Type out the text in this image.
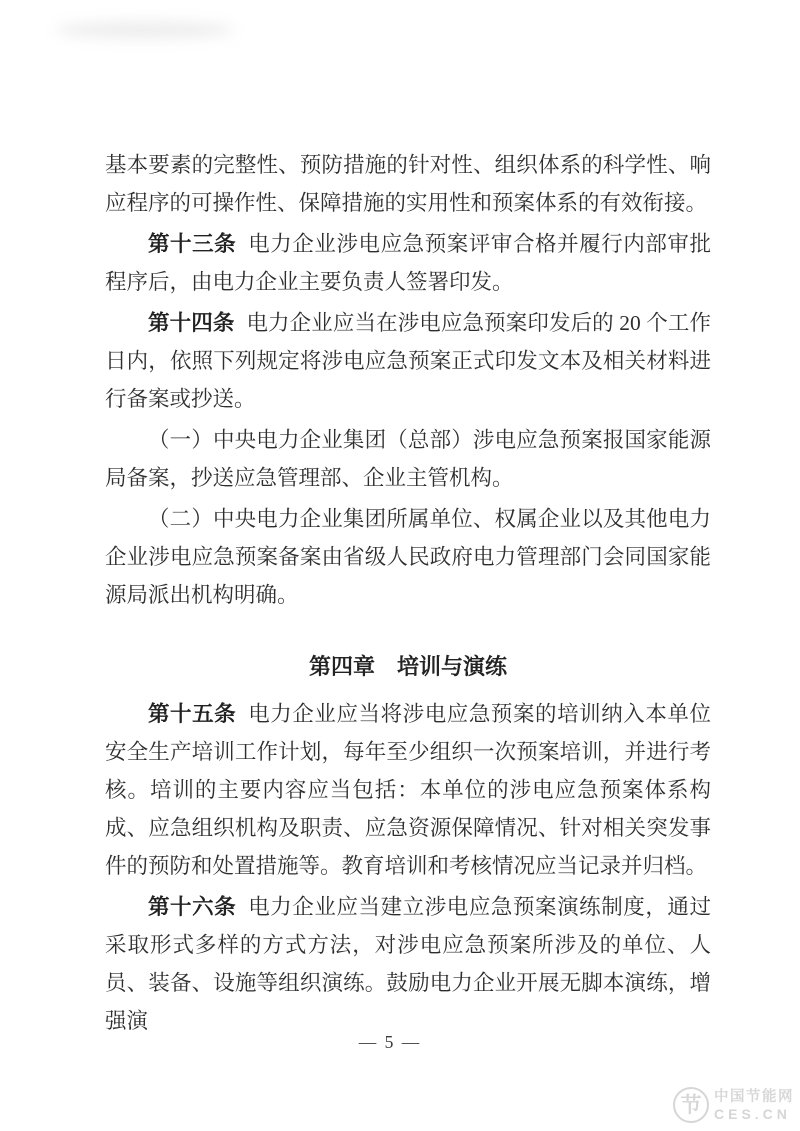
基本要素的完整性、预防措施的针对性、组织体系的科学性、响应程序的可操作性、保障措施的实用性和预案体系的有效衔接。

第十三条 电力企业涉电应急预案评审合格并履行内部审批程序后，由电力企业主要负责人签署印发。

第十四条 电力企业应当在涉电应急预案印发后的 20 个工作日内，依照下列规定将涉电应急预案正式印发文本及相关材料进行备案或抄送。

（一）中央电力企业集团（总部）涉电应急预案报国家能源局备案，抄送应急管理部、企业主管机构。

（二）中央电力企业集团所属单位、权属企业以及其他电力企业涉电应急预案备案由省级人民政府电力管理部门会同国家能源局派出机构明确。

第四章 培训与演练

第十五条 电力企业应当将涉电应急预案的培训纳入本单位安全生产培训工作计划，每年至少组织一次预案培训，并进行考核。培训的主要内容应当包括：本单位的涉电应急预案体系构成、应急组织机构及职责、应急资源保障情况、针对相关突发事件的预防和处置措施等。教育培训和考核情况应当记录并归档。

第十六条 电力企业应当建立涉电应急预案演练制度，通过采取形式多样的方式方法，对涉电应急预案所涉及的单位、人员、装备、设施等组织演练。鼓励电力企业开展无脚本演练，增强演

— 5 —
节 中国节能网
CES.CN
